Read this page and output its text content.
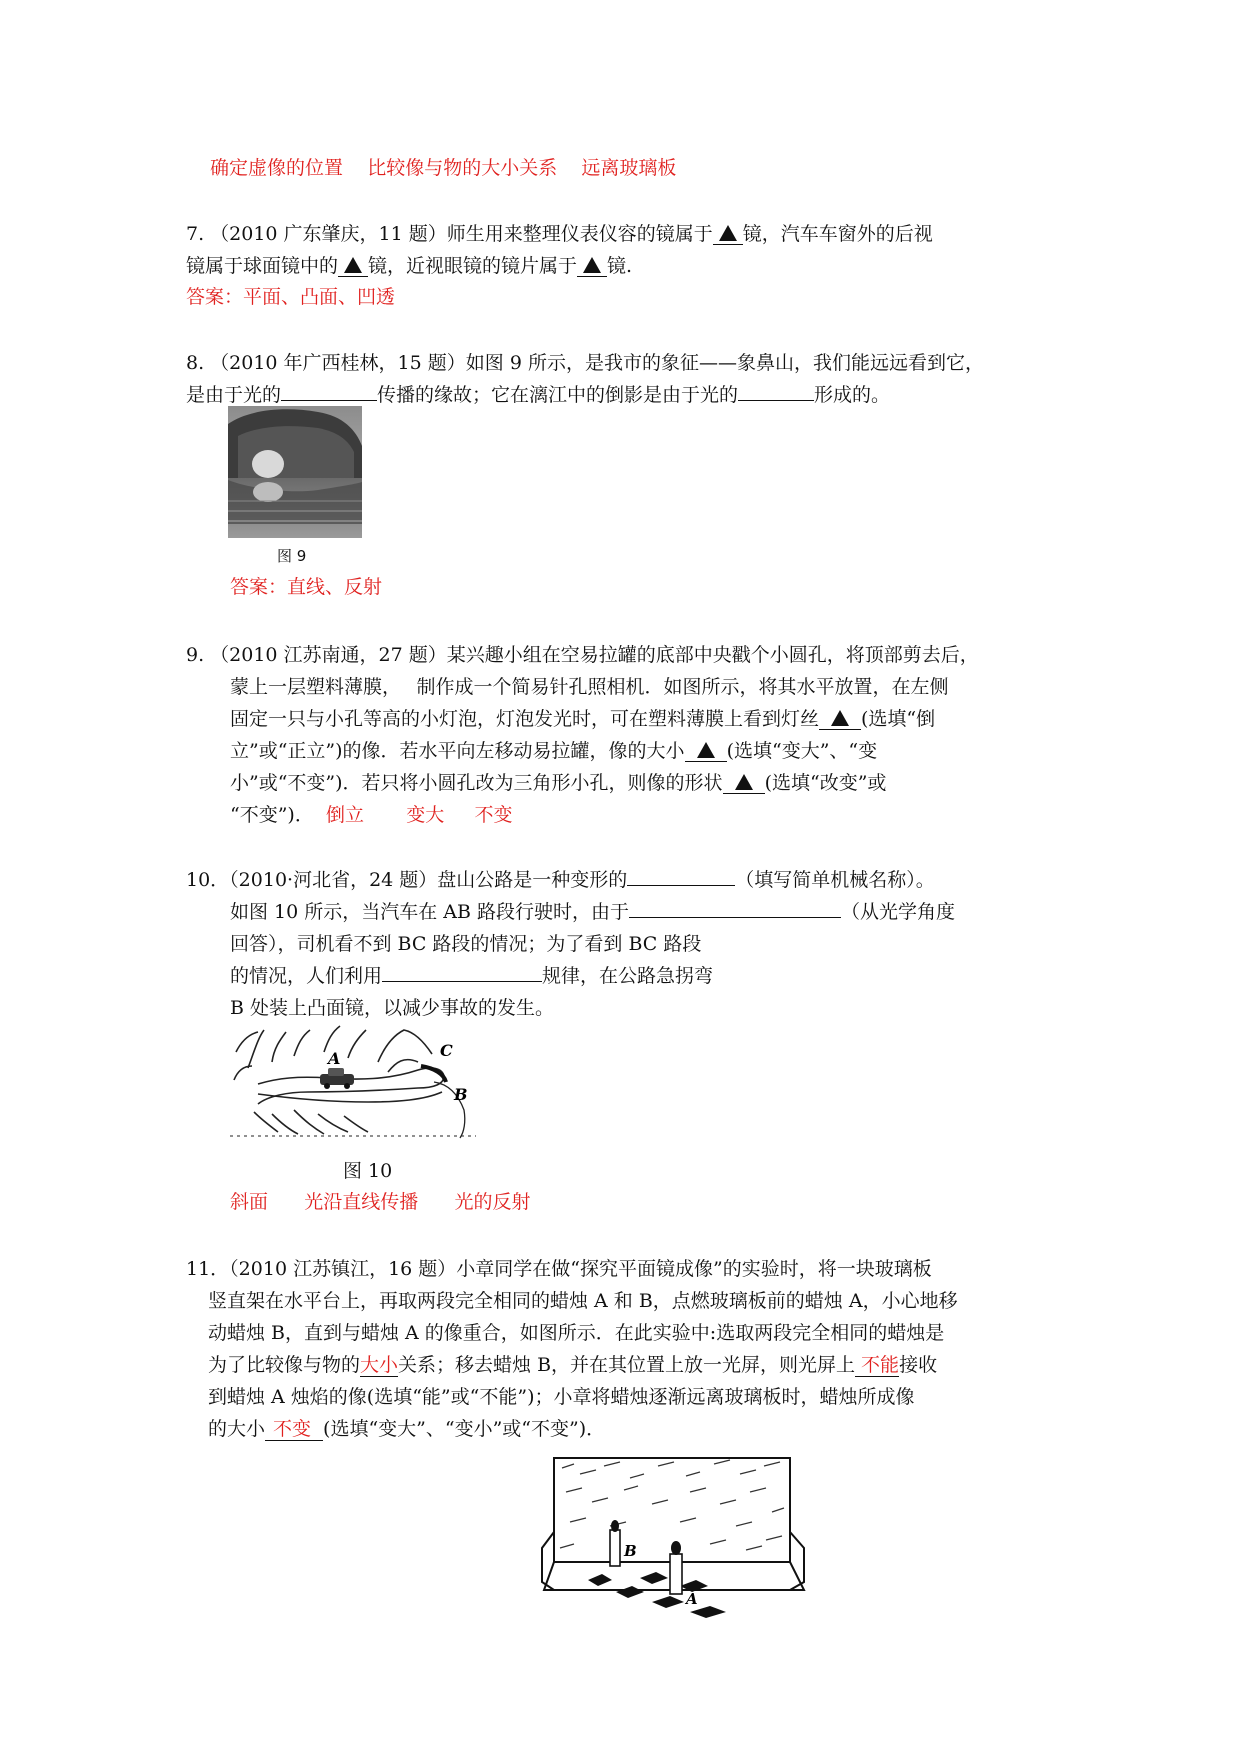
确定虚像的位置 比较像与物的大小关系 远离玻璃板
7. （2010 广东肇庆，11 题）师生用来整理仪表仪容的镜属于 镜，汽车车窗外的后视
镜属于球面镜中的 镜，近视眼镜的镜片属于 镜.
答案：平面、凸面、凹透
8. （2010 年广西桂林，15 题）如图 9 所示，是我市的象征——象鼻山，我们能远远看到它，
是由于光的	传播的缘故；它在漓江中的倒影是由于光的	形成的。
图 9
答案：直线、反射
9. （2010 江苏南通，27 题）某兴趣小组在空易拉罐的底部中央戳个小圆孔，将顶部剪去后，
蒙上一层塑料薄膜，　 制作成一个简易针孔照相机．如图所示，将其水平放置，在左侧
固定一只与小孔等高的小灯泡，灯泡发光时，可在塑料薄膜上看到灯丝 (选填“倒
立”或“正立”)的像．若水平向左移动易拉罐，像的大小 (选填“变大”、“变
小”或“不变”)．若只将小圆孔改为三角形小孔，则像的形状 (选填“改变”或
“不变”)． 倒立 变大 不变
10．（2010·河北省，24 题）盘山公路是一种变形的	（填写简单机械名称）。
如图 10 所示，当汽车在 AB 路段行驶时，由于	（从光学角度
回答），司机看不到 BC 路段的情况；为了看到 BC 路段
的情况，人们利用	规律，在公路急拐弯
B 处装上凸面镜，以减少事故的发生。
A	C
B
图 10
斜面 光沿直线传播 光的反射
11．（2010 江苏镇江，16 题）小章同学在做“探究平面镜成像”的实验时，将一块玻璃板
竖直架在水平台上，再取两段完全相同的蜡烛 A 和 B，点燃玻璃板前的蜡烛 A，小心地移
动蜡烛 B，直到与蜡烛 A 的像重合，如图所示．在此实验中:选取两段完全相同的蜡烛是
为了比较像与物的大小关系；移去蜡烛 B，并在其位置上放一光屏，则光屏上 不能接收
到蜡烛 A 烛焰的像(选填“能”或“不能”)；小章将蜡烛逐渐远离玻璃板时，蜡烛所成像
的大小 不变 (选填“变大”、“变小”或“不变”)．
B
A
